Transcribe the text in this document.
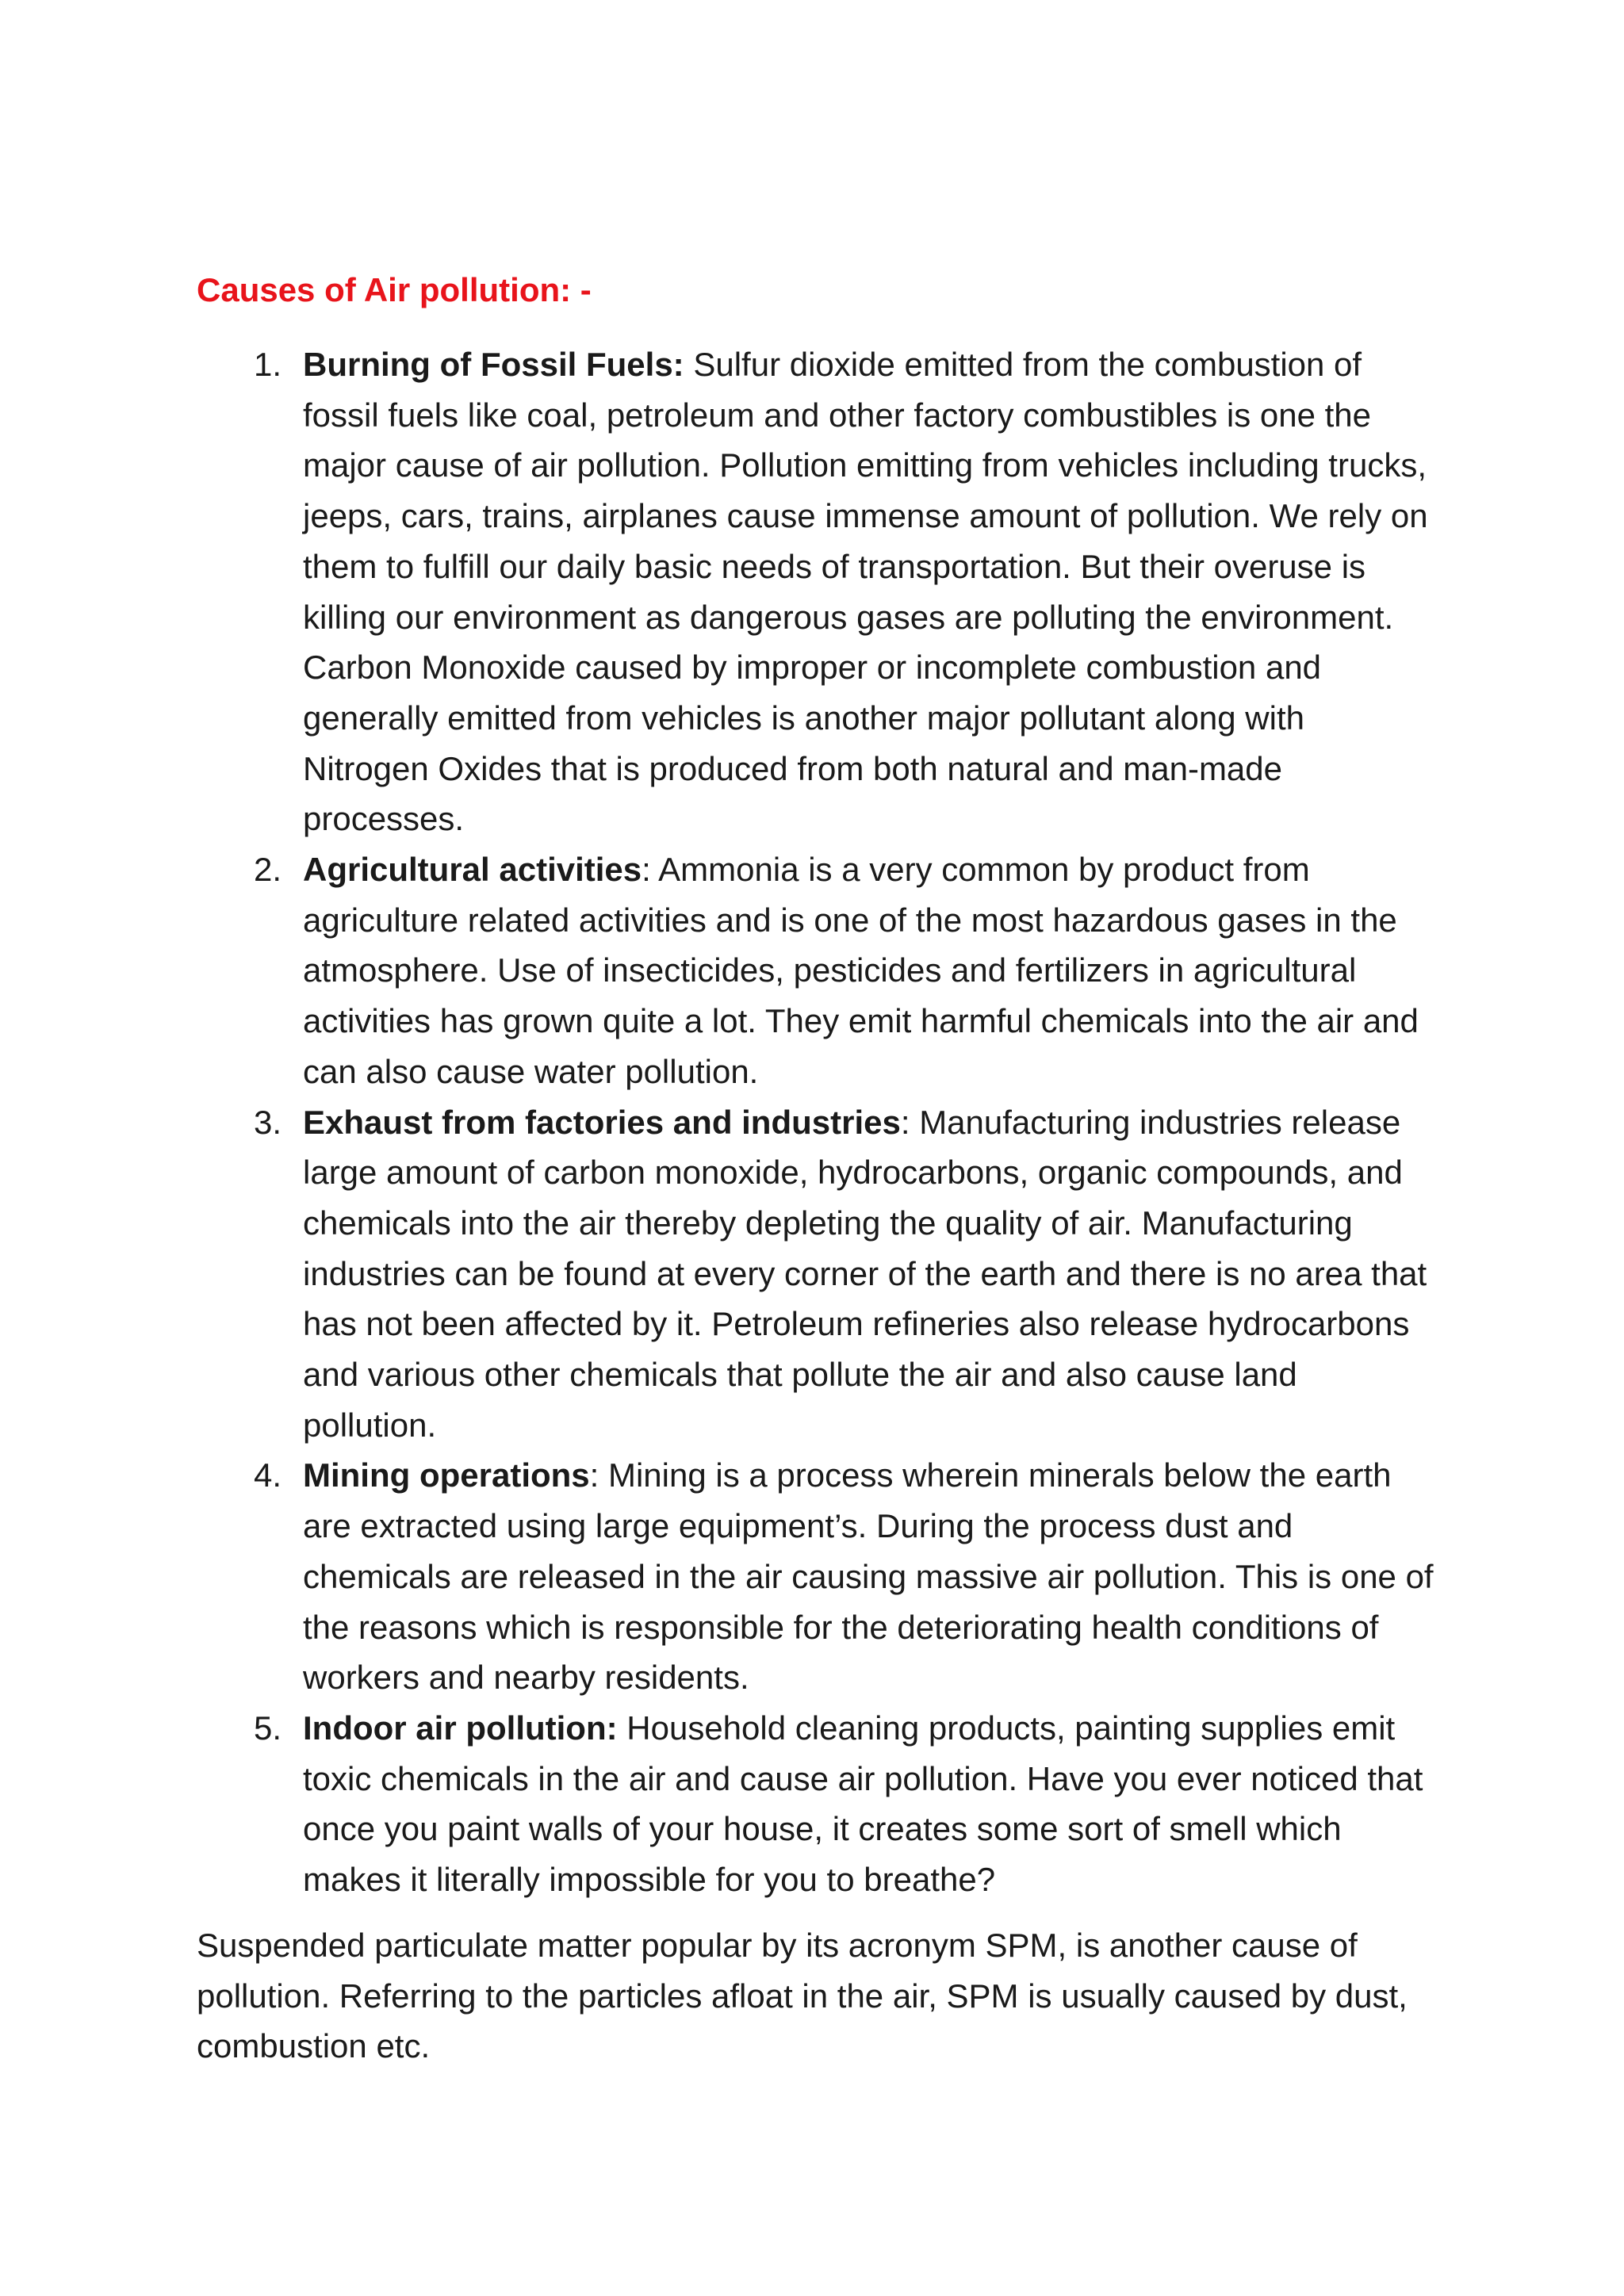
Causes of Air pollution: -
1. Burning of Fossil Fuels: Sulfur dioxide emitted from the combustion of fossil fuels like coal, petroleum and other factory combustibles is one the major cause of air pollution. Pollution emitting from vehicles including trucks, jeeps, cars, trains, airplanes cause immense amount of pollution. We rely on them to fulfill our daily basic needs of transportation. But their overuse is killing our environment as dangerous gases are polluting the environment. Carbon Monoxide caused by improper or incomplete combustion and generally emitted from vehicles is another major pollutant along with Nitrogen Oxides that is produced from both natural and man-made processes.
2. Agricultural activities: Ammonia is a very common by product from agriculture related activities and is one of the most hazardous gases in the atmosphere. Use of insecticides, pesticides and fertilizers in agricultural activities has grown quite a lot. They emit harmful chemicals into the air and can also cause water pollution.
3. Exhaust from factories and industries: Manufacturing industries release large amount of carbon monoxide, hydrocarbons, organic compounds, and chemicals into the air thereby depleting the quality of air. Manufacturing industries can be found at every corner of the earth and there is no area that has not been affected by it. Petroleum refineries also release hydrocarbons and various other chemicals that pollute the air and also cause land pollution.
4. Mining operations: Mining is a process wherein minerals below the earth are extracted using large equipment’s. During the process dust and chemicals are released in the air causing massive air pollution. This is one of the reasons which is responsible for the deteriorating health conditions of workers and nearby residents.
5. Indoor air pollution: Household cleaning products, painting supplies emit toxic chemicals in the air and cause air pollution. Have you ever noticed that once you paint walls of your house, it creates some sort of smell which makes it literally impossible for you to breathe?

Suspended particulate matter popular by its acronym SPM, is another cause of pollution. Referring to the particles afloat in the air, SPM is usually caused by dust, combustion etc.
